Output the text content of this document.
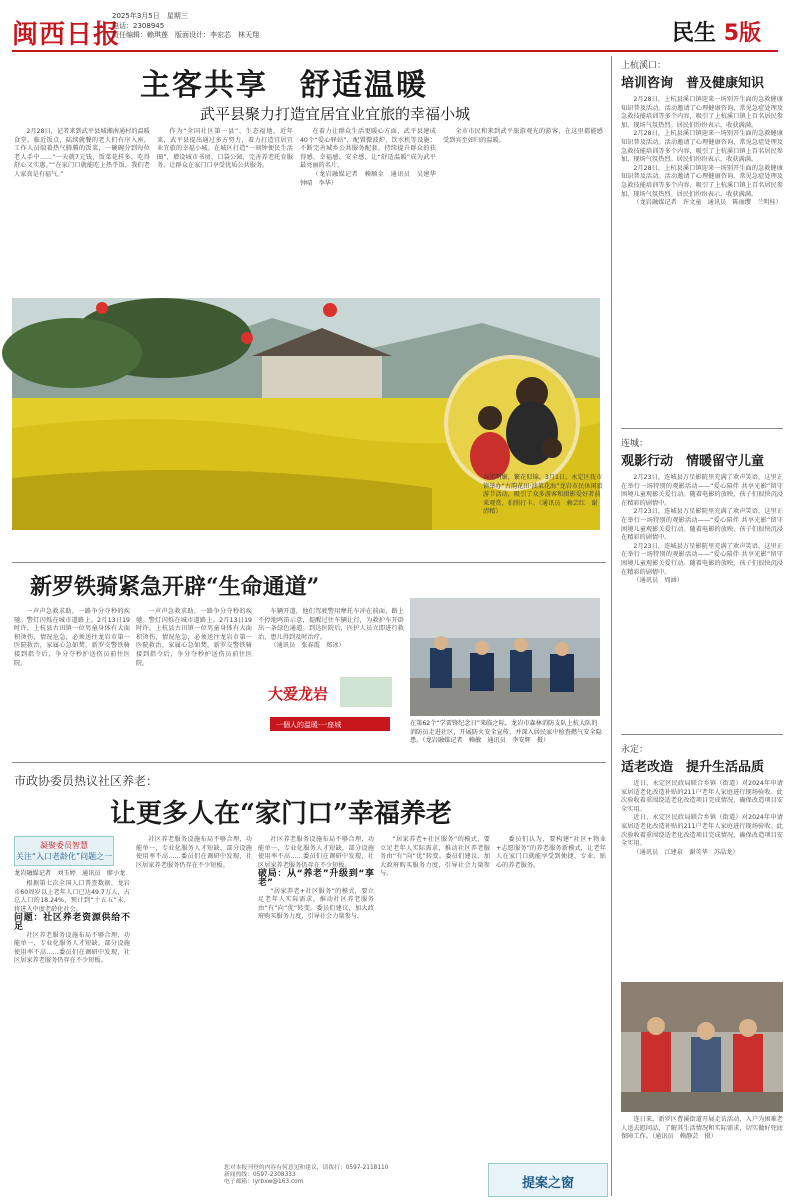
闽西日报
2025年3月5日　星期三
电话：2308945
责任编辑：赖琪莲　版面设计：李宏芯　林天翔	民生 5版
主客共享　舒适温暖
武平县聚力打造宜居宜业宜旅的幸福小城

2月28日，记者来到武平县城湘南通村的温暖食堂。临近饭点，陆续就餐的老人们有序入座，工作人员端着热气腾腾的饭菜，一碗碗分到每位老人手中……“一天就7元钱，饭菜花样多，吃得舒心又实惠。”“在家门口就能吃上热乎饭，我们老人家真是有福气。”

作为“全国社区第一县”、生态福地，近年来，武平县提出通过多方努力，着力打造宜居宜业宜旅的幸福小城。在城区打造“一刻钟便民生活圈”，增设城市书房、口袋公园，完善养老托育服务，让群众在家门口享受优质公共服务。

在着力让群众生活更暖心方面，武平县建成40个“爱心驿站”，配置微波炉、饮水机等设施；不断完善城乡公共服务配套，持续提升群众的获得感、幸福感、安全感，让“舒适温暖”成为武平最亮丽的名片。

（龙岩融媒记者　赖顺金　通讯员　吴建华　钟晴　李华）

全市市民和来到武平旅游观光的游客，在这里都能感受到宾至如归的温暖。

春光明媚，繁花似锦。3月1日，永定区抚市镇举办“古韵花田·油菜花海”龙岩市民休闲旅游节活动，吸引了众多游客和摄影爱好者前来观赏、拍照打卡。（通讯员　赖芸红　谢清精）
新罗铁骑紧急开辟“生命通道”

一声声急救求助，一路争分夺秒的疾驰。警灯闪烁在城市道路上。2月13日19时许，上杭县古田镇一位男童身体有大面积烫伤，情况危急，必须送往龙岩市第一医院救治，家属心急如焚，新罗交警铁骑接到指令后，争分夺秒护送伤员前往医院。

一声声急救求助，一路争分夺秒的疾驰。警灯闪烁在城市道路上。2月13日19时许，上杭县古田镇一位男童身体有大面积烫伤，情况危急，必须送往龙岩市第一医院救治，家属心急如焚，新罗交警铁骑接到指令后，争分夺秒护送伤员前往医院。

车辆开道，他们驾驶警用摩托车冲在前面，路上不停地鸣笛示意，提醒过往车辆让行，为救护车开辟出一条绿色通道。到达医院后，医护人员立即进行救治，患儿得到及时治疗。

（通讯员　张春霞　郑冰）

大爱龙岩
一個人的温暖·一座城	在第62个“学雷锋纪念日”来临之际，龙岩市森林消防支队上杭大队的消防员走进社区，开展防火安全宣传，并深入居民家中检查燃气安全隐患。（龙岩融媒记者　赖敏　通讯员　李安辉　摄）
市政协委员热议社区养老：
让更多人在“家门口”幸福养老
凝聚委员智慧
关注“入口老龄化”问题之一
龙岩融媒记者　刘玉婷　通讯员　廖小龙

根据第七次全国人口普查数据，龙岩市60周岁以上老年人口已达49.7万人，占总人口的18.24%，预计到“十五五”末，将进入中度老龄化社会。

问题：社区养老资源供给不足

社区养老服务设施布局不够合理，功能单一，专业化服务人才短缺，部分设施使用率不高……委员们在调研中发现，社区居家养老服务仍存在不少短板。

社区养老服务设施布局不够合理，功能单一，专业化服务人才短缺，部分设施使用率不高……委员们在调研中发现，社区居家养老服务仍存在不少短板。

社区养老服务设施布局不够合理，功能单一，专业化服务人才短缺，部分设施使用率不高……委员们在调研中发现，社区居家养老服务仍存在不少短板。

破局：从“养老”升级到“享老”

“居家养老+社区服务”的模式，要立足老年人实际需求，推动社区养老服务由“有”向“优”转变。委员们建议，加大政府购买服务力度，引导社会力量参与。

“居家养老+社区服务”的模式，要立足老年人实际需求，推动社区养老服务由“有”向“优”转变。委员们建议，加大政府购买服务力度，引导社会力量参与。

委员们认为，要构建“社区+物业+志愿服务”的养老服务新模式，让老年人在家门口就能享受到便捷、专业、贴心的养老服务。

您对本报刊登的内容有何意见和建议，请拨打：0597-2118110
新闻热线：0597-2308333
电子邮箱：lyrbxw@163.com	提案之窗
上杭溪口：
培训咨询　普及健康知识

2月28日，上杭县溪口镇迎来一场别开生面的急救健康知识普及活动。活动邀请了心理健康咨询、常见急症处理及急救技能培训等多个内容，吸引了上杭溪口镇上百名居民参加，现场气氛热烈。居民们纷纷表示，收获满满。

2月28日，上杭县溪口镇迎来一场别开生面的急救健康知识普及活动。活动邀请了心理健康咨询、常见急症处理及急救技能培训等多个内容，吸引了上杭溪口镇上百名居民参加，现场气氛热烈。居民们纷纷表示，收获满满。

2月28日，上杭县溪口镇迎来一场别开生面的急救健康知识普及活动。活动邀请了心理健康咨询、常见急症处理及急救技能培训等多个内容，吸引了上杭溪口镇上百名居民参加，现场气氛热烈。居民们纷纷表示，收获满满。

（龙岩融媒记者　许文童　通讯员　陈丽缨　兰明桂）

连城：
观影行动　情暖留守儿童

2月23日，连城县万星影院里充满了欢声笑语，这里正在举行一场特别的观影活动——“爱心陪伴 共享光影”留守困境儿童观影关爱行动。随着电影的放映，孩子们很快沉浸在精彩的剧情中。

2月23日，连城县万星影院里充满了欢声笑语，这里正在举行一场特别的观影活动——“爱心陪伴 共享光影”留守困境儿童观影关爱行动。随着电影的放映，孩子们很快沉浸在精彩的剧情中。

2月23日，连城县万星影院里充满了欢声笑语，这里正在举行一场特别的观影活动——“爱心陪伴 共享光影”留守困境儿童观影关爱行动。随着电影的放映，孩子们很快沉浸在精彩的剧情中。

（通讯员　周涵）

永定：
适老改造　提升生活品质

近日，永定区民政局联合乡镇（街道）对2024年申请家居适老化改造补贴的211户老年人家庭进行现场验收。此次验收着重围绕适老化改造项目完成情况，确保改造项目安全实用。

近日，永定区民政局联合乡镇（街道）对2024年申请家居适老化改造补贴的211户老年人家庭进行现场验收。此次验收着重围绕适老化改造项目完成情况，确保改造项目安全实用。

（通讯员　江建泉　谢英华　苏晶龙）

连日来，新罗区曹溪街道开展走访活动，入户为困难老人送去慰问品，了解其生活情况和实际需求，切实做好兜底保障工作。（通讯员　赖静芸　摄）
